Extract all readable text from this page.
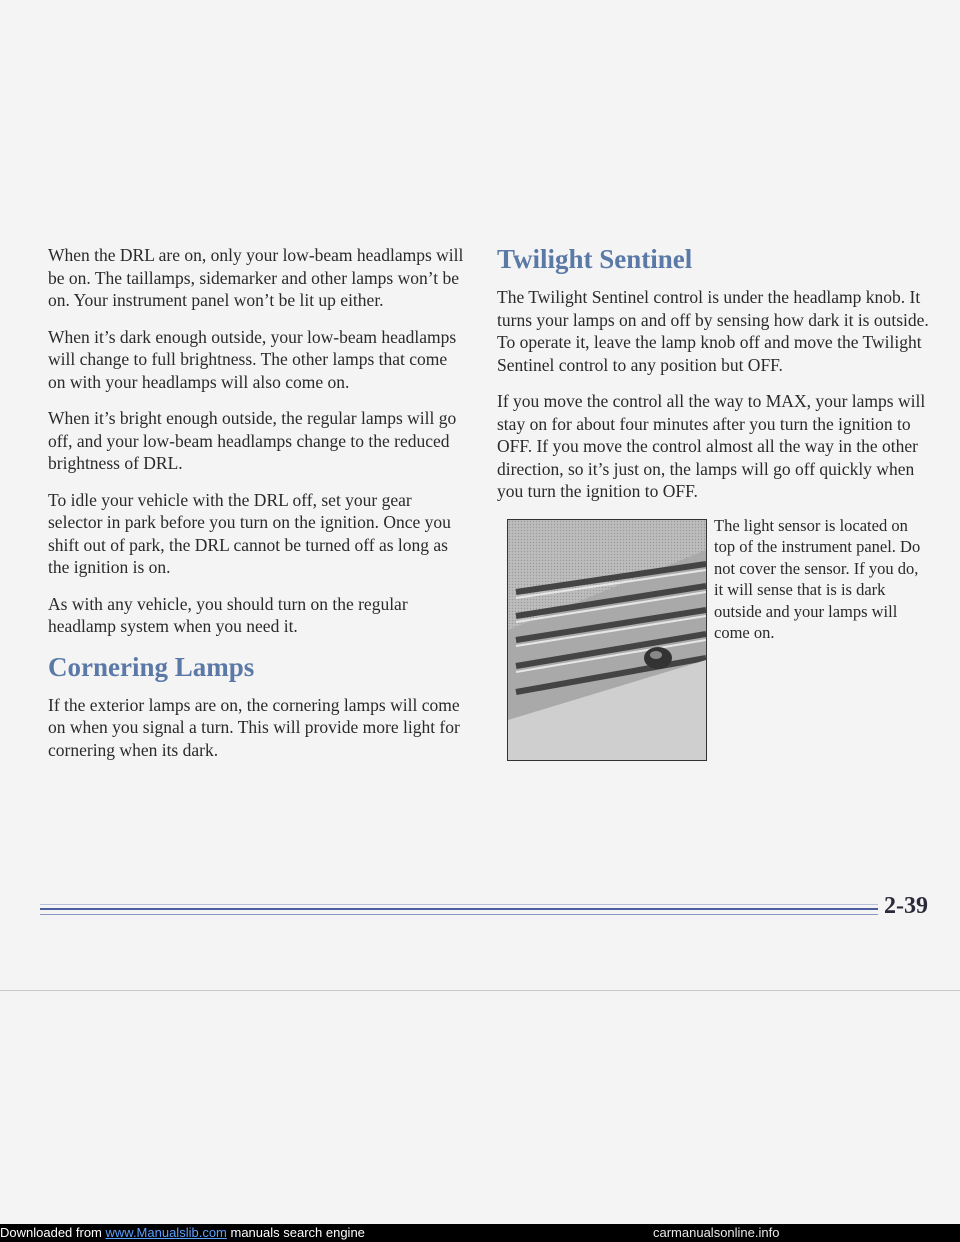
When the DRL are on, only your low-beam headlamps will be on. The taillamps, sidemarker and other lamps won’t be on. Your instrument panel won’t be lit up either.

When it’s dark enough outside, your low-beam headlamps will change to full brightness. The other lamps that come on with your headlamps will also come on.

When it’s bright enough outside, the regular lamps will go off, and your low-beam headlamps change to the reduced brightness of DRL.

To idle your vehicle with the DRL off, set your gear selector in park before you turn on the ignition. Once you shift out of park, the DRL cannot be turned off as long as the ignition is on.

As with any vehicle, you should turn on the regular headlamp system when you need it.

Cornering Lamps

If the exterior lamps are on, the cornering lamps will come on when you signal a turn. This will provide more light for cornering when its dark.

Twilight Sentinel

The Twilight Sentinel control is under the headlamp knob. It turns your lamps on and off by sensing how dark it is outside. To operate it, leave the lamp knob off and move the Twilight Sentinel control to any position but OFF.

If you move the control all the way to MAX, your lamps will stay on for about four minutes after you turn the ignition to OFF. If you move the control almost all the way in the other direction, so it’s just on, the lamps will go off quickly when you turn the ignition to OFF.

The light sensor is located on top of the instrument panel. Do not cover the sensor. If you do, it will sense that is is dark outside and your lamps will come on.

2-39
Downloaded from www.Manualslib.com manuals search engine	carmanualsonline.info
